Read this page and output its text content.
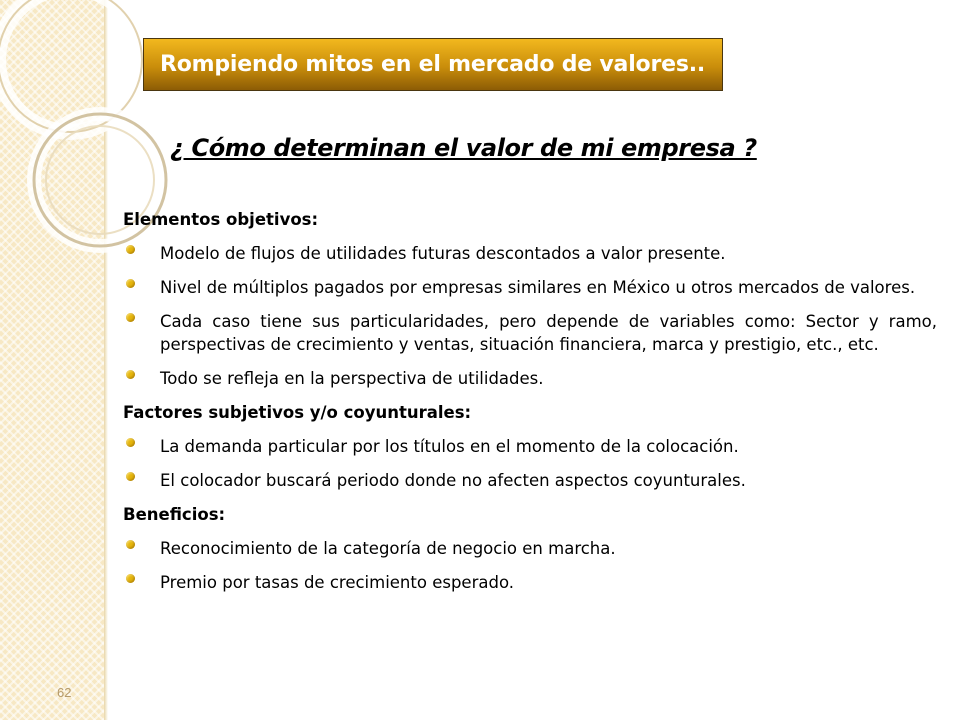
Rompiendo mitos en el mercado de valores..
¿ Cómo determinan el valor de mi empresa ?
Elementos objetivos:
Modelo de flujos de utilidades futuras descontados a valor presente.
Nivel de múltiplos pagados por empresas similares en México u otros mercados de valores.
Cada caso tiene sus particularidades, pero depende de variables como: Sector y ramo, perspectivas de crecimiento y ventas, situación financiera, marca y prestigio, etc., etc.
Todo se refleja en la perspectiva de utilidades.
Factores subjetivos y/o coyunturales:
La demanda particular por los títulos en el momento de la colocación.
El colocador buscará periodo donde no afecten aspectos coyunturales.
Beneficios:
Reconocimiento de la categoría de negocio en marcha.
Premio por tasas de crecimiento esperado.
62
